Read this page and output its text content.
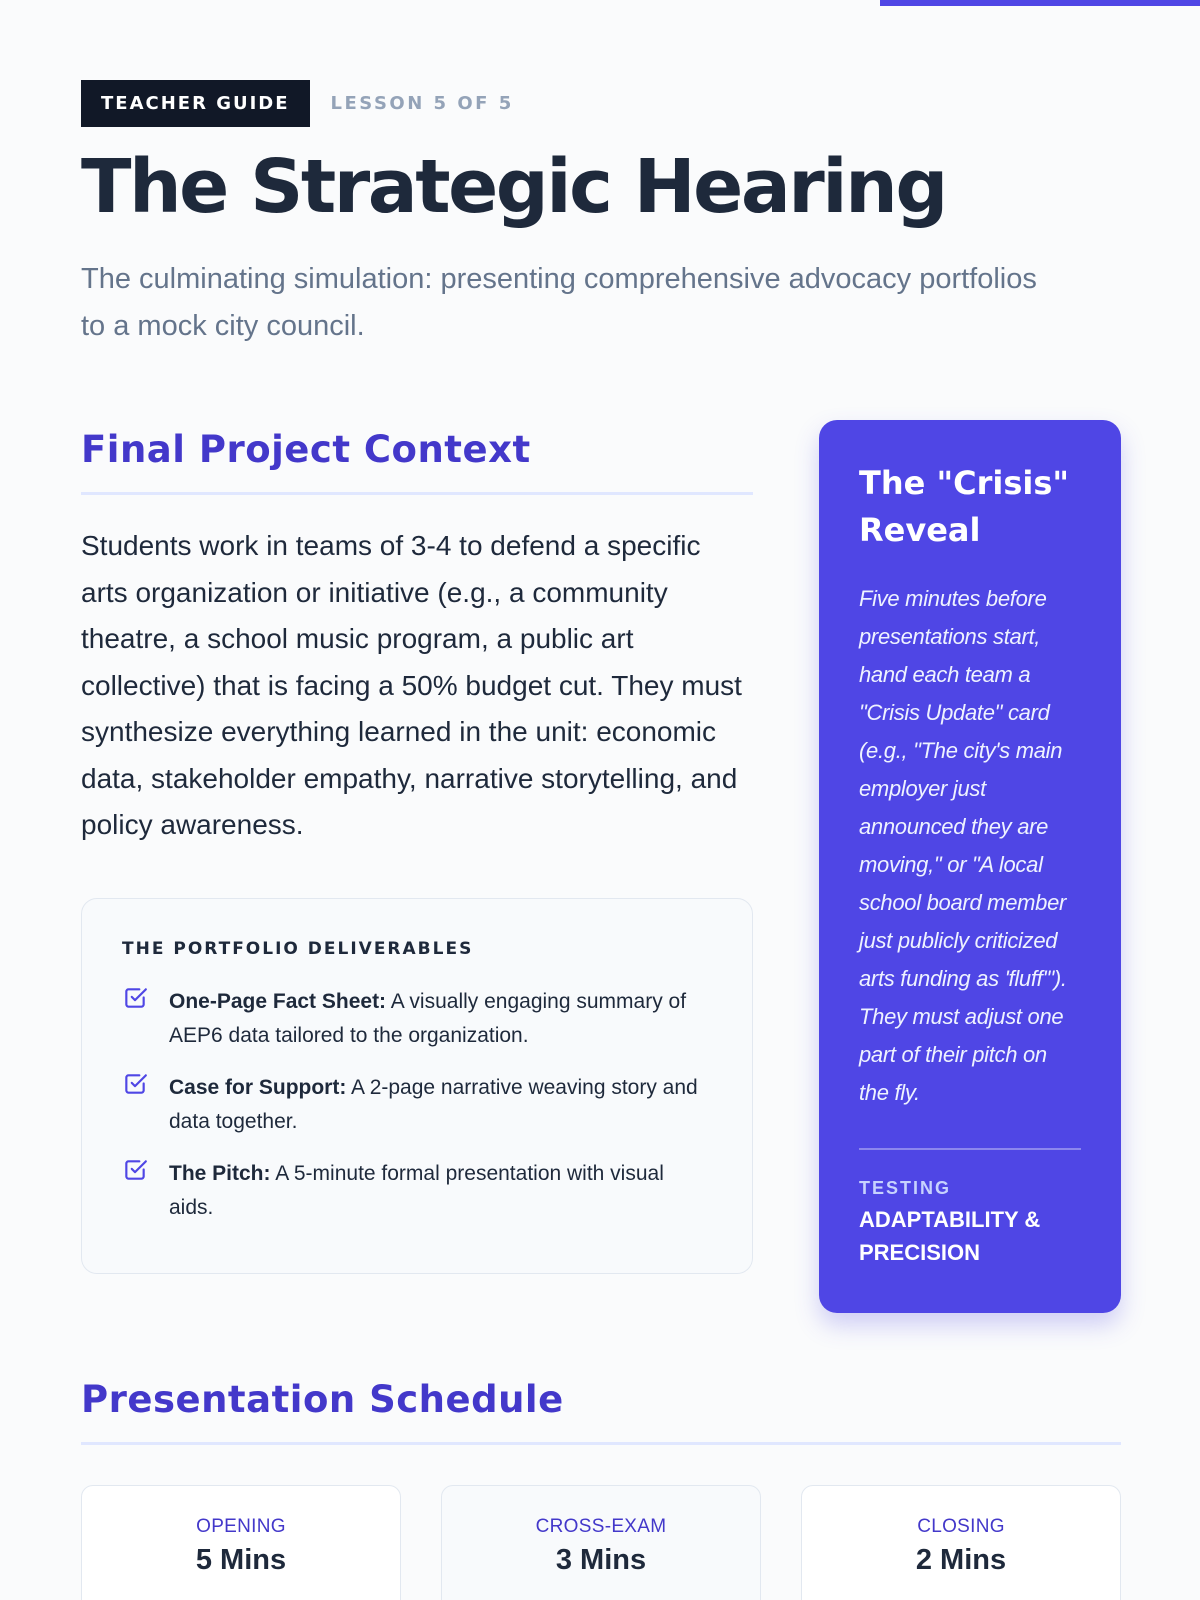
TEACHER GUIDE	LESSON 5 OF 5
The Strategic Hearing

The culminating simulation: presenting comprehensive advocacy portfolios to a mock city council.

Final Project Context

Students work in teams of 3-4 to defend a specific arts organization or initiative (e.g., a community theatre, a school music program, a public art collective) that is facing a 50% budget cut. They must synthesize everything learned in the unit: economic data, stakeholder empathy, narrative storytelling, and policy awareness.

THE PORTFOLIO DELIVERABLES
One-Page Fact Sheet: A visually engaging summary of AEP6 data tailored to the organization.
Case for Support: A 2-page narrative weaving story and data together.
The Pitch: A 5-minute formal presentation with visual aids.
The "Crisis" Reveal

Five minutes before presentations start, hand each team a "Crisis Update" card (e.g., "The city's main employer just announced they are moving," or "A local school board member just publicly criticized arts funding as 'fluff'"). They must adjust one part of their pitch on the fly.

TESTING
ADAPTABILITY & PRECISION
Presentation Schedule
OPENING
5 Mins
CROSS-EXAM
3 Mins
CLOSING
2 Mins
